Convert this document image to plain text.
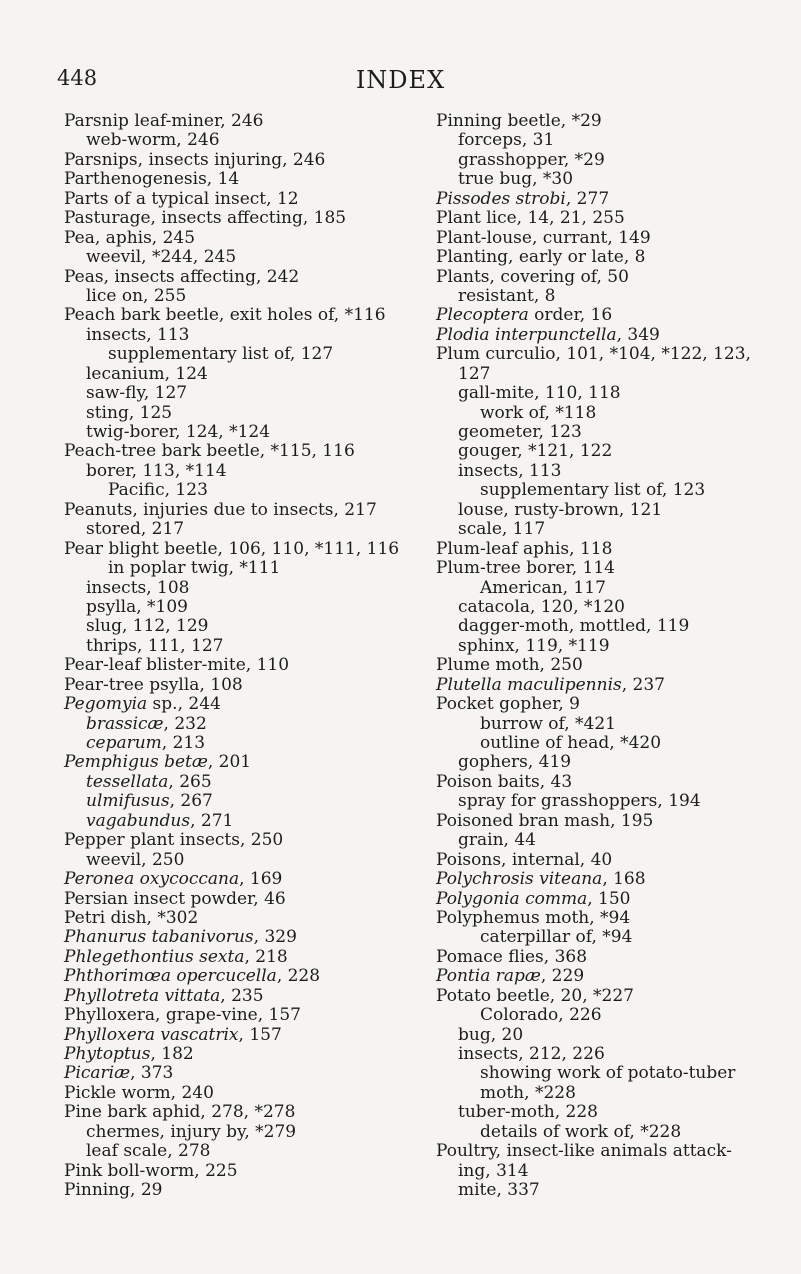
448	INDEX
Parsnip leaf-miner, 246
web-worm, 246
Parsnips, insects injuring, 246
Parthenogenesis, 14
Parts of a typical insect, 12
Pasturage, insects affecting, 185
Pea, aphis, 245
weevil, *244, 245
Peas, insects affecting, 242
lice on, 255
Peach bark beetle, exit holes of, *116
insects, 113
supplementary list of, 127
lecanium, 124
saw-fly, 127
sting, 125
twig-borer, 124, *124
Peach-tree bark beetle, *115, 116
borer, 113, *114
Pacific, 123
Peanuts, injuries due to insects, 217
stored, 217
Pear blight beetle, 106, 110, *111, 116
in poplar twig, *111
insects, 108
psylla, *109
slug, 112, 129
thrips, 111, 127
Pear-leaf blister-mite, 110
Pear-tree psylla, 108
Pegomyia sp., 244
brassicæ, 232
ceparum, 213
Pemphigus betæ, 201
tessellata, 265
ulmifusus, 267
vagabundus, 271
Pepper plant insects, 250
weevil, 250
Peronea oxycoccana, 169
Persian insect powder, 46
Petri dish, *302
Phanurus tabanivorus, 329
Phlegethontius sexta, 218
Phthorimœa opercucella, 228
Phyllotreta vittata, 235
Phylloxera, grape-vine, 157
Phylloxera vascatrix, 157
Phytoptus, 182
Picariæ, 373
Pickle worm, 240
Pine bark aphid, 278, *278
chermes, injury by, *279
leaf scale, 278
Pink boll-worm, 225
Pinning, 29
Pinning beetle, *29
forceps, 31
grasshopper, *29
true bug, *30
Pissodes strobi, 277
Plant lice, 14, 21, 255
Plant-louse, currant, 149
Planting, early or late, 8
Plants, covering of, 50
resistant, 8
Plecoptera order, 16
Plodia interpunctella, 349
Plum curculio, 101, *104, *122, 123,
127
gall-mite, 110, 118
work of, *118
geometer, 123
gouger, *121, 122
insects, 113
supplementary list of, 123
louse, rusty-brown, 121
scale, 117
Plum-leaf aphis, 118
Plum-tree borer, 114
American, 117
catacola, 120, *120
dagger-moth, mottled, 119
sphinx, 119, *119
Plume moth, 250
Plutella maculipennis, 237
Pocket gopher, 9
burrow of, *421
outline of head, *420
gophers, 419
Poison baits, 43
spray for grasshoppers, 194
Poisoned bran mash, 195
grain, 44
Poisons, internal, 40
Polychrosis viteana, 168
Polygonia comma, 150
Polyphemus moth, *94
caterpillar of, *94
Pomace flies, 368
Pontia rapæ, 229
Potato beetle, 20, *227
Colorado, 226
bug, 20
insects, 212, 226
showing work of potato-tuber
moth, *228
tuber-moth, 228
details of work of, *228
Poultry, insect-like animals attack-
ing, 314
mite, 337
